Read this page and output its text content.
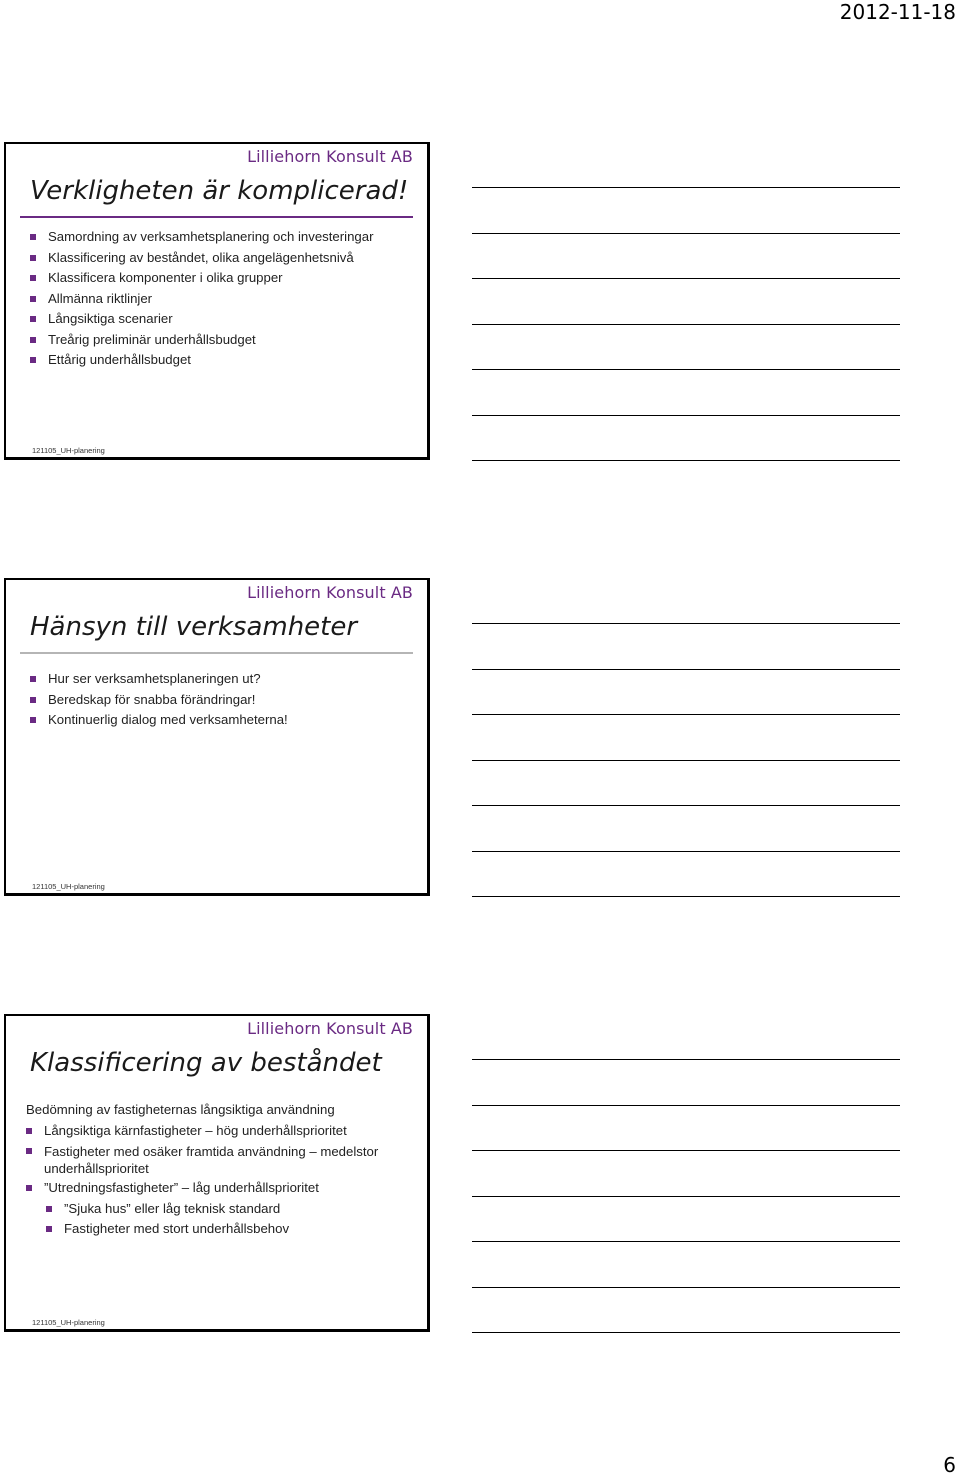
2012-11-18
Lilliehorn Konsult AB
Verkligheten är komplicerad!
Samordning av verksamhetsplanering och investeringar
Klassificering av beståndet, olika angelägenhetsnivå
Klassificera komponenter i olika grupper
Allmänna riktlinjer
Långsiktiga scenarier
Treårig preliminär underhållsbudget
Ettårig underhållsbudget
121105_UH-planering
Lilliehorn Konsult AB
Hänsyn till verksamheter
Hur ser verksamhetsplaneringen ut?
Beredskap för snabba förändringar!
Kontinuerlig dialog med verksamheterna!
121105_UH-planering
Lilliehorn Konsult AB
Klassificering av beståndet
Bedömning av fastigheternas långsiktiga användning
Långsiktiga kärnfastigheter – hög underhållsprioritet
Fastigheter med osäker framtida användning – medelstor underhållsprioritet
”Utredningsfastigheter” – låg underhållsprioritet
”Sjuka hus” eller låg teknisk standard
Fastigheter med stort underhållsbehov
121105_UH-planering
6
